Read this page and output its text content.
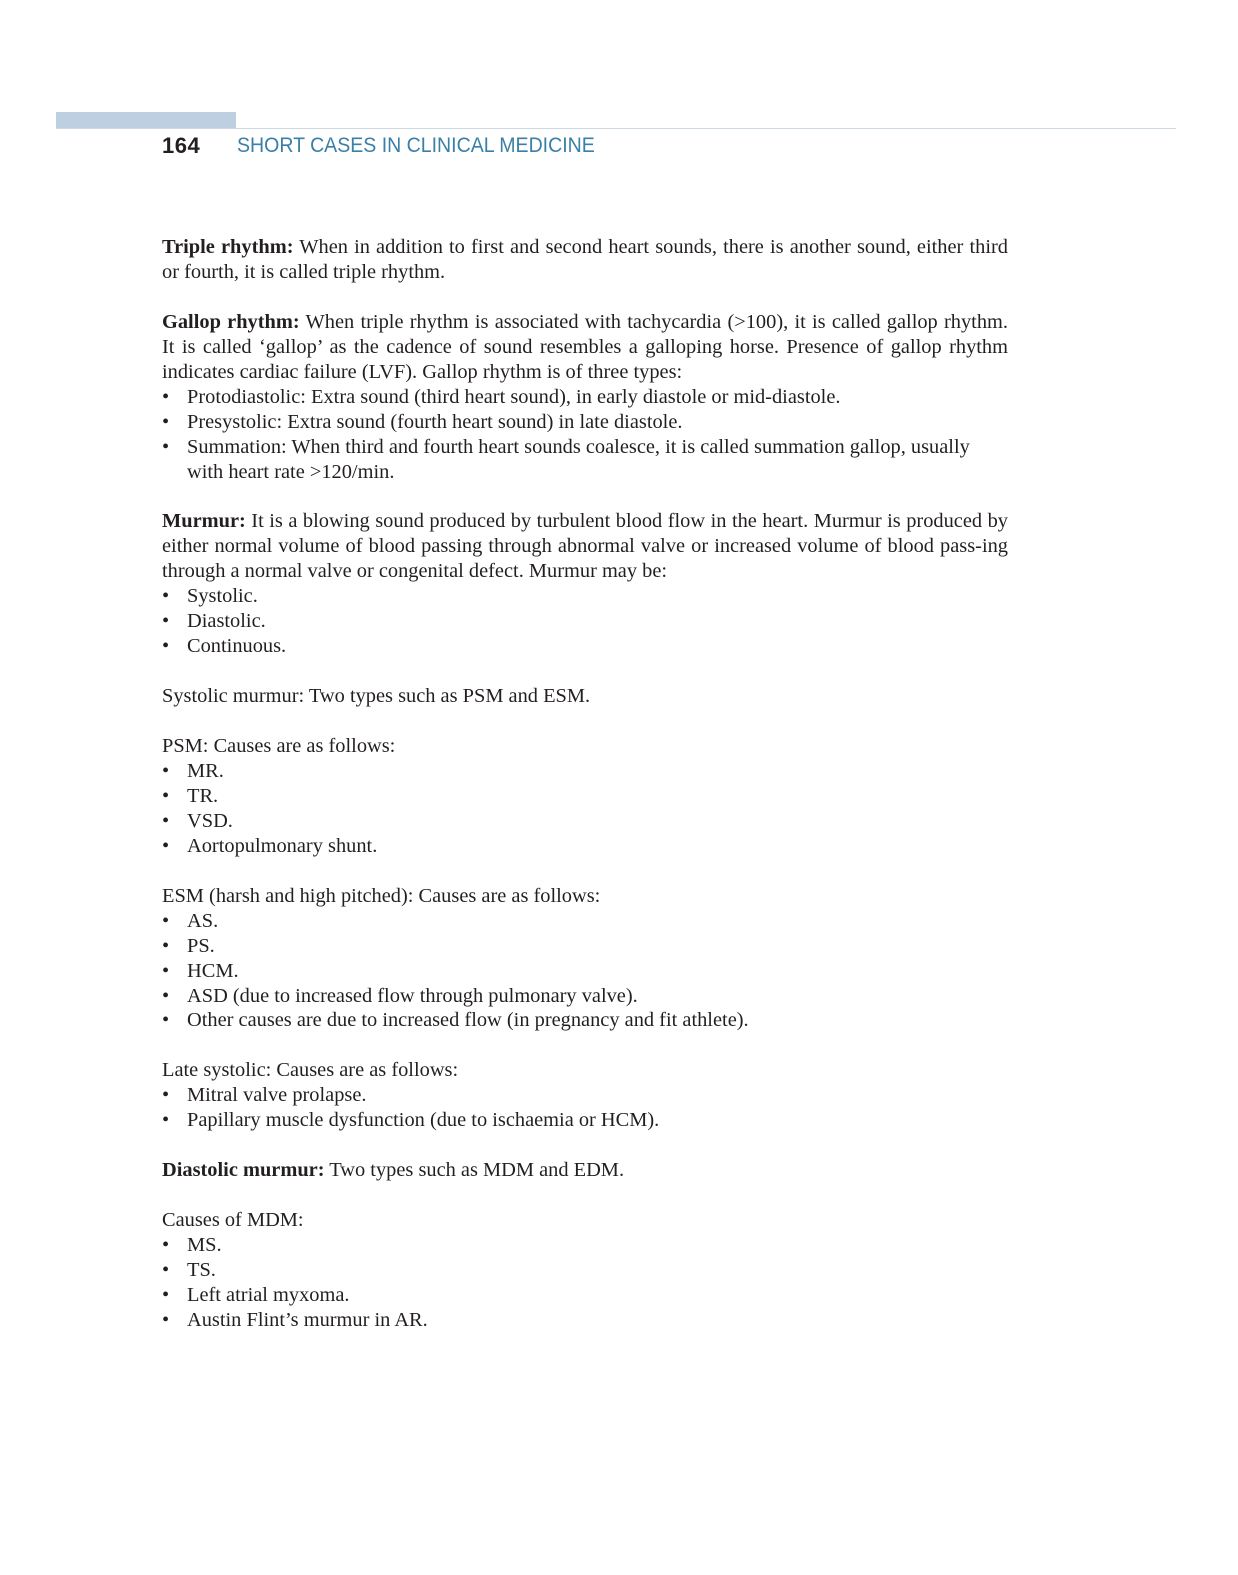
164 SHORT CASES IN CLINICAL MEDICINE

Triple rhythm: When in addition to first and second heart sounds, there is another sound, either third or fourth, it is called triple rhythm.

Gallop rhythm: When triple rhythm is associated with tachycardia (>100), it is called gallop rhythm. It is called ‘gallop’ as the cadence of sound resembles a galloping horse. Presence of gallop rhythm indicates cardiac failure (LVF). Gallop rhythm is of three types:

• Protodiastolic: Extra sound (third heart sound), in early diastole or mid-diastole.
• Presystolic: Extra sound (fourth heart sound) in late diastole.
• Summation: When third and fourth heart sounds coalesce, it is called summation gallop, usually with heart rate >120/min.

Murmur: It is a blowing sound produced by turbulent blood flow in the heart. Murmur is produced by either normal volume of blood passing through abnormal valve or increased volume of blood pass-ing through a normal valve or congenital defect. Murmur may be:

• Systolic.
• Diastolic.
• Continuous.

Systolic murmur: Two types such as PSM and ESM.

PSM: Causes are as follows:

• MR.
• TR.
• VSD.
• Aortopulmonary shunt.

ESM (harsh and high pitched): Causes are as follows:

• AS.
• PS.
• HCM.
• ASD (due to increased flow through pulmonary valve).
• Other causes are due to increased flow (in pregnancy and fit athlete).

Late systolic: Causes are as follows:

• Mitral valve prolapse.
• Papillary muscle dysfunction (due to ischaemia or HCM).

Diastolic murmur: Two types such as MDM and EDM.

Causes of MDM:

• MS.
• TS.
• Left atrial myxoma.
• Austin Flint’s murmur in AR.
